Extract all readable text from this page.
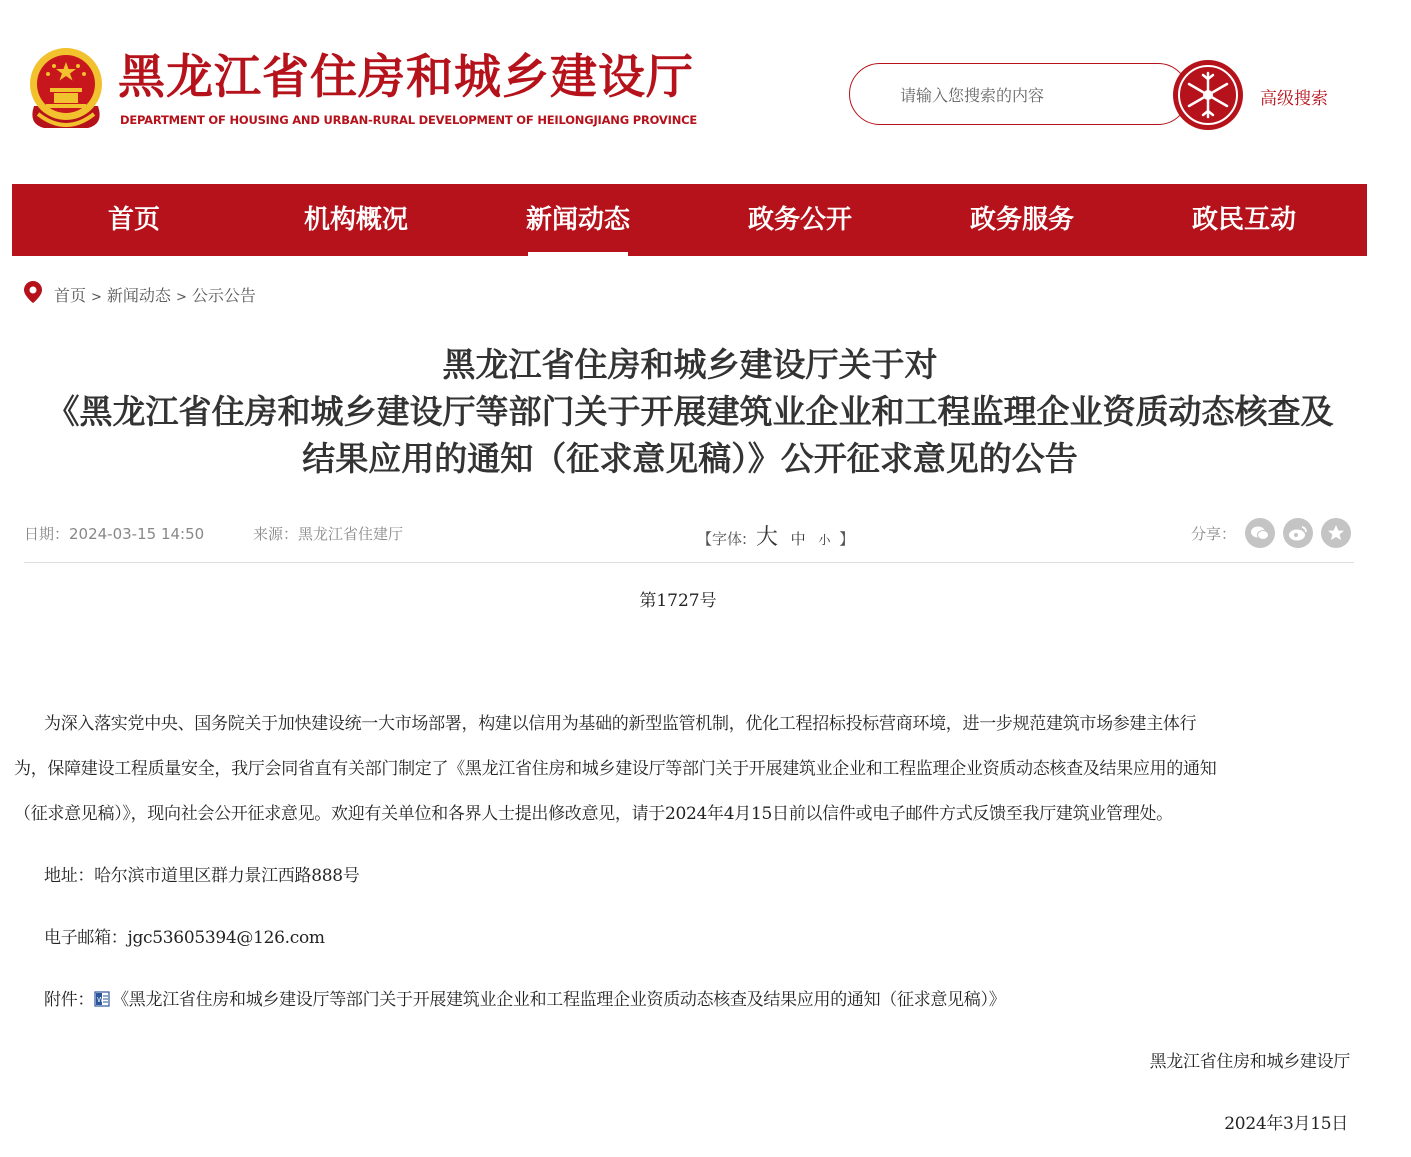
黑龙江省住房和城乡建设厅
DEPARTMENT OF HOUSING AND URBAN-RURAL DEVELOPMENT OF HEILONGJIANG PROVINCE
请输入您搜索的内容
高级搜索
首页	机构概况	新闻动态	政务公开	政务服务	政民互动
首页 > 新闻动态 > 公示公告
黑龙江省住房和城乡建设厅关于对
《黑龙江省住房和城乡建设厅等部门关于开展建筑业企业和工程监理企业资质动态核查及
结果应用的通知（征求意见稿）》公开征求意见的公告
日期：2024-03-15 14:50	来源：黑龙江省住建厅	【字体: 大 中 小 】	分享：
第1727号
为深入落实党中央、国务院关于加快建设统一大市场部署，构建以信用为基础的新型监管机制，优化工程招标投标营商环境，进一步规范建筑市场参建主体行
为，保障建设工程质量安全，我厅会同省直有关部门制定了《黑龙江省住房和城乡建设厅等部门关于开展建筑业企业和工程监理企业资质动态核查及结果应用的通知
（征求意见稿）》，现向社会公开征求意见。欢迎有关单位和各界人士提出修改意见，请于2024年4月15日前以信件或电子邮件方式反馈至我厅建筑业管理处。
地址：哈尔滨市道里区群力景江西路888号
电子邮箱：jgc53605394@126.com
附件： W 《黑龙江省住房和城乡建设厅等部门关于开展建筑业企业和工程监理企业资质动态核查及结果应用的通知（征求意见稿）》
黑龙江省住房和城乡建设厅
2024年3月15日
